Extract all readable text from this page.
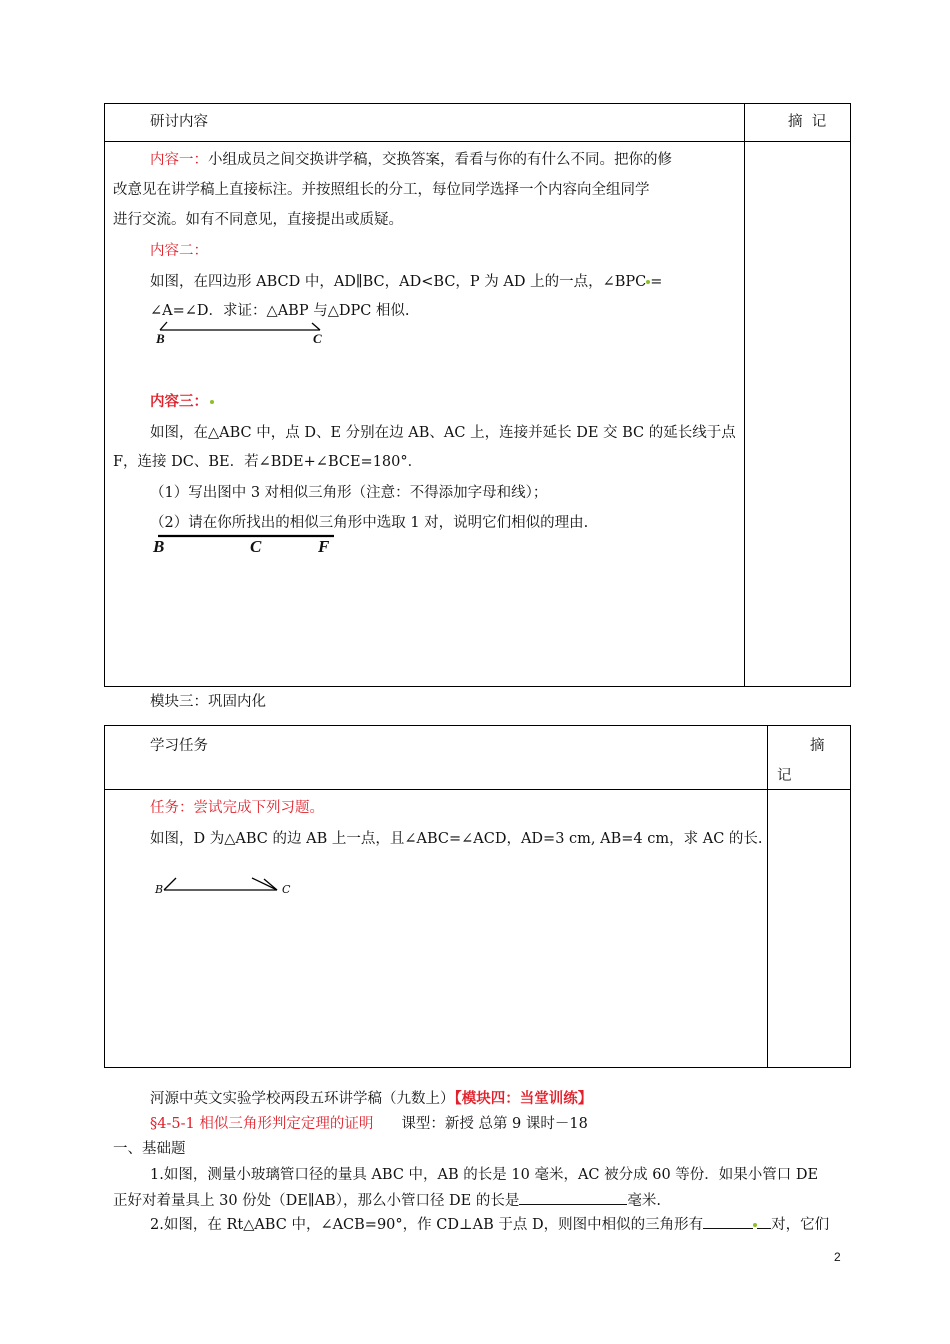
研讨内容	摘  记
内容一：小组成员之间交换讲学稿，交换答案，看看与你的有什么不同。把你的修
改意见在讲学稿上直接标注。并按照组长的分工，每位同学选择一个内容向全组同学
进行交流。如有不同意见，直接提出或质疑。
内容二：
如图，在四边形 ABCD 中，AD∥BC，AD<BC，P 为 AD 上的一点，∠BPC =
∠A=∠D．求证：△ABP 与△DPC 相似.
B	C
内容三：
如图，在△ABC 中，点 D、E 分别在边 AB、AC 上，连接并延长 DE 交 BC 的延长线于点
F，连接 DC、BE．若∠BDE+∠BCE=180°．
（1）写出图中 3 对相似三角形（注意：不得添加字母和线）；
（2）请在你所找出的相似三角形中选取 1 对，说明它们相似的理由.
B	C	F
模块三：巩固内化
学习任务	摘
记
任务：尝试完成下列习题。
如图，D 为△ABC 的边 AB 上一点，且∠ABC=∠ACD，AD=3 cm, AB=4 cm，求 AC 的长.
B	C
河源中英文实验学校两段五环讲学稿（九数上）【模块四：当堂训练】
§4-5-1 相似三角形判定定理的证明 课型：新授 总第 9 课时－18
一、基础题
1.如图，测量小玻璃管口径的量具 ABC 中，AB 的长是 10 毫米，AC 被分成 60 等份．如果小管口 DE
正好对着量具上 30 份处（DE∥AB），那么小管口径 DE 的长是	毫米.
2.如图，在 Rt△ABC 中，∠ACB=90°，作 CD⊥AB 于点 D，则图中相似的三角形有	对，它们
2
